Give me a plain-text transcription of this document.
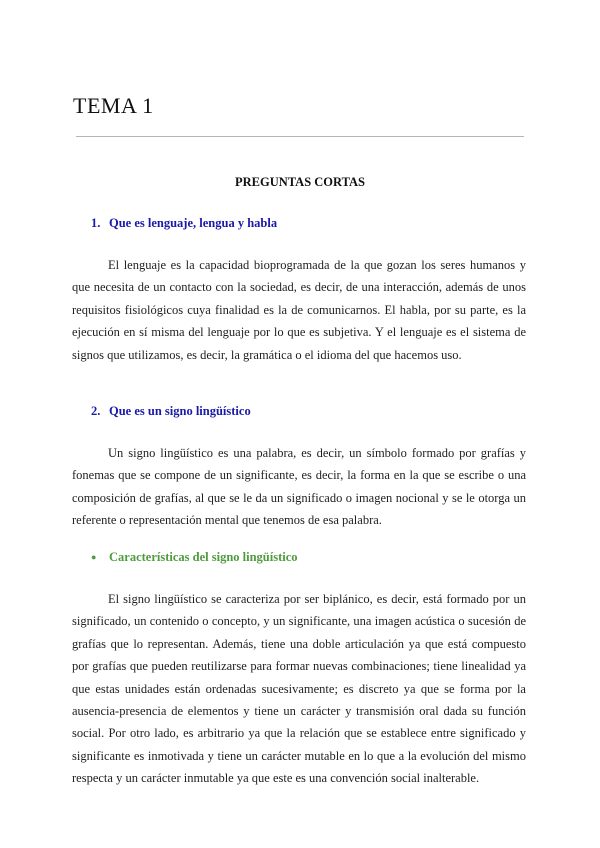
TEMA 1
PREGUNTAS CORTAS
1. Que es lenguaje, lengua y habla

El lenguaje es la capacidad bioprogramada de la que gozan los seres humanos y que necesita de un contacto con la sociedad, es decir, de una interacción, además de unos requisitos fisiológicos cuya finalidad es la de comunicarnos. El habla, por su parte, es la ejecución en sí misma del lenguaje por lo que es subjetiva. Y el lenguaje es el sistema de signos que utilizamos, es decir, la gramática o el idioma del que hacemos uso.

2. Que es un signo lingüístico

Un signo lingüístico es una palabra, es decir, un símbolo formado por grafías y fonemas que se compone de un significante, es decir, la forma en la que se escribe o una composición de grafías, al que se le da un significado o imagen nocional y se le otorga un referente o representación mental que tenemos de esa palabra.

● Características del signo lingüístico

El signo lingüístico se caracteriza por ser biplánico, es decir, está formado por un significado, un contenido o concepto, y un significante, una imagen acústica o sucesión de grafías que lo representan. Además, tiene una doble articulación ya que está compuesto por grafías que pueden reutilizarse para formar nuevas combinaciones; tiene linealidad ya que estas unidades están ordenadas sucesivamente; es discreto ya que se forma por la ausencia-presencia de elementos y tiene un carácter y transmisión oral dada su función social. Por otro lado, es arbitrario ya que la relación que se establece entre significado y significante es inmotivada y tiene un carácter mutable en lo que a la evolución del mismo respecta y un carácter inmutable ya que este es una convención social inalterable.
